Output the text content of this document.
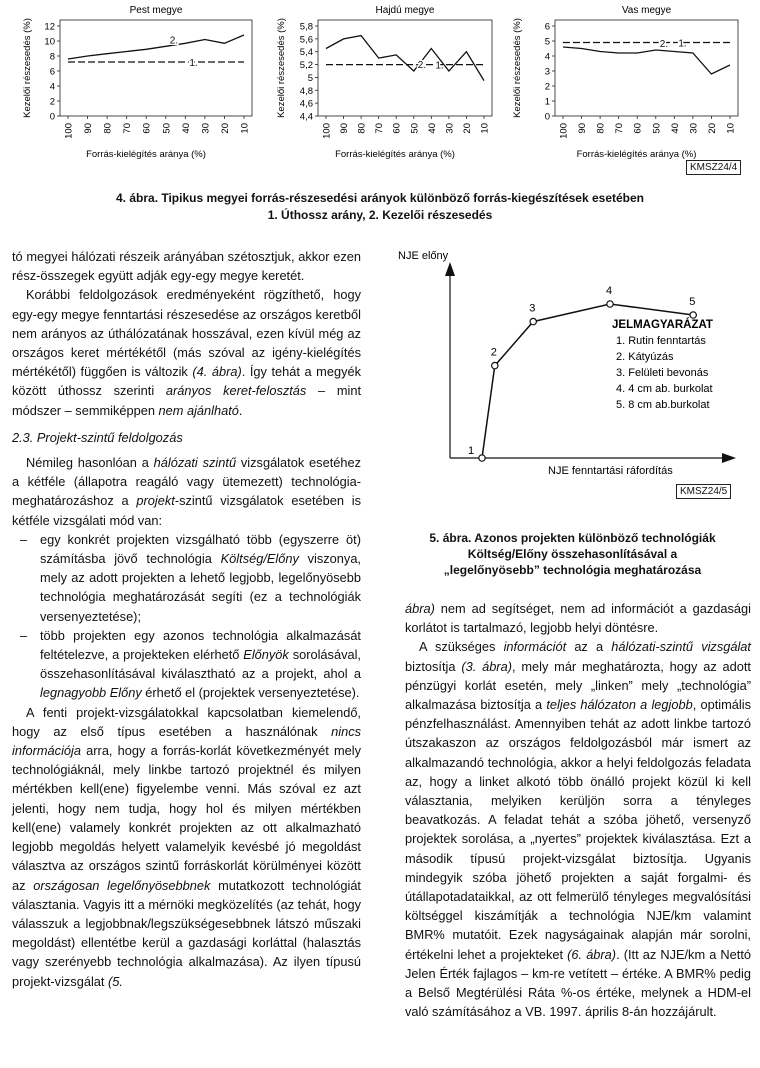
Pest megye
0
2
4
6
8
10
12
100 90 80 70 60 50 40 30 20 10
Kezelői részesedés (%)
Forrás-kielégítés aránya (%)
1.
2.
Hajdú megye
4,4
4,6
4,8
5
5,2
5,4
5,6
5,8
100 90 80 70 60 50 40 30 20 10
Kezelői részesedés (%)
Forrás-kielégítés aránya (%)
1.
2.
Vas megye
0
1
2
3
4
5
6
100 90 80 70 60 50 40 30 20 10
Kezelői részesedés (%)
Forrás-kielégítés aránya (%)
1.
2.
KMSZ24/4
4. ábra. Tipikus megyei forrás-részesedési arányok különböző forrás-kiegészítések esetében
1. Úthossz arány, 2. Kezelői részesedés
NJE előny
NJE fenntartási ráfordítás
1
2
3
4
5
JELMAGYARÁZAT
1. Rutin fenntartás
2. Kátyúzás
3. Felületi bevonás
4. 4 cm ab. burkolat
5. 8 cm ab.burkolat
KMSZ24/5
5. ábra. Azonos projekten különböző technológiák
Költség/Előny összehasonlításával a
„legelőnyösebb” technológia meghatározása

tó megyei hálózati részeik arányában szétosztjuk, akkor ezen rész-összegek együtt adják egy-egy megye keretét.

Korábbi feldolgozások eredményeként rögzíthető, hogy egy-egy megye fenntartási részesedése az országos keretből nem arányos az úthálózatának hosszával, ezen kívül még az országos keret mértékétől (más szóval az igény-kielégítés mértékétől) függően is változik (4. ábra). Így tehát a megyék között úthossz szerinti arányos keret-felosztás – mint módszer – semmiképpen nem ajánlható.

2.3. Projekt-szintű feldolgozás

Némileg hasonlóan a hálózati szintű vizsgálatok esetéhez a kétféle (állapotra reagáló vagy ütemezett) technológia-meghatározáshoz a projekt-szintű vizsgálatok esetében is kétféle vizsgálati mód van:

– egy konkrét projekten vizsgálható több (egyszerre öt) számításba jövő technológia Költség/Előny viszonya, mely az adott projekten a lehető legjobb, legelőnyösebb technológia meghatározását segíti (ez a technológiák versenyeztetése);

– több projekten egy azonos technológia alkalmazását feltételezve, a projekteken elérhető Előnyök sorolásával, összehasonlításával kiválasztható az a projekt, ahol a legnagyobb Előny érhető el (projektek versenyeztetése).

A fenti projekt-vizsgálatokkal kapcsolatban kiemelendő, hogy az első típus esetében a használónak nincs információja arra, hogy a forrás-korlát következményét mely technológiáknál, mely linkbe tartozó projektnél és milyen mértékben kell(ene) figyelembe venni. Más szóval ez azt jelenti, hogy nem tudja, hogy hol és milyen mértékben kell(ene) valamely konkrét projekten az ott alkalmazható legjobb megoldás helyett valamelyik kevésbé jó megoldást választva az országos szintű forráskorlát körülményei között az országosan legelőnyösebbnek mutatkozott technológiát választania. Vagyis itt a mérnöki megközelítés (az tehát, hogy válasszuk a legjobbnak/legszükségesebbnek látszó műszaki megoldást) ellentétbe kerül a gazdasági korláttal (halasztás vagy szerényebb technológia alkalmazása). Az ilyen típusú projekt-vizsgálat (5.

ábra) nem ad segítséget, nem ad információt a gazdasági korlátot is tartalmazó, legjobb helyi döntésre.

A szükséges információt az a hálózati-szintű vizsgálat biztosítja (3. ábra), mely már meghatározta, hogy az adott pénzügyi korlát esetén, mely „linken” mely „technológia” alkalmazása biztosítja a teljes hálózaton a legjobb, optimális pénzfelhasználást. Amennyiben tehát az adott linkbe tartozó útszakaszon az országos feldolgozásból már ismert az alkalmazandó technológia, akkor a helyi feldolgozás feladata az, hogy a linket alkotó több önálló projekt közül ki kell választania, melyiken kerüljön sorra a tényleges beavatkozás. A feladat tehát a szóba jöhető, versenyző projektek sorolása, a „nyertes” projektek kiválasztása. Ezt a második típusú projekt-vizsgálat biztosítja. Ugyanis mindegyik szóba jöhető projekten a saját forgalmi- és útállapotadataikkal, az ott felmerülő tényleges megvalósítási költséggel kiszámítják a technológia NJE/km valamint BMR% mutatóit. Ezek nagyságainak alapján már sorolni, értékelni lehet a projekteket (6. ábra). (Itt az NJE/km a Nettó Jelen Érték fajlagos – km-re vetített – értéke. A BMR% pedig a Belső Megtérülési Ráta %-os értéke, melynek a HDM-el való számításához a VB. 1997. április 8-án hozzájárult.
